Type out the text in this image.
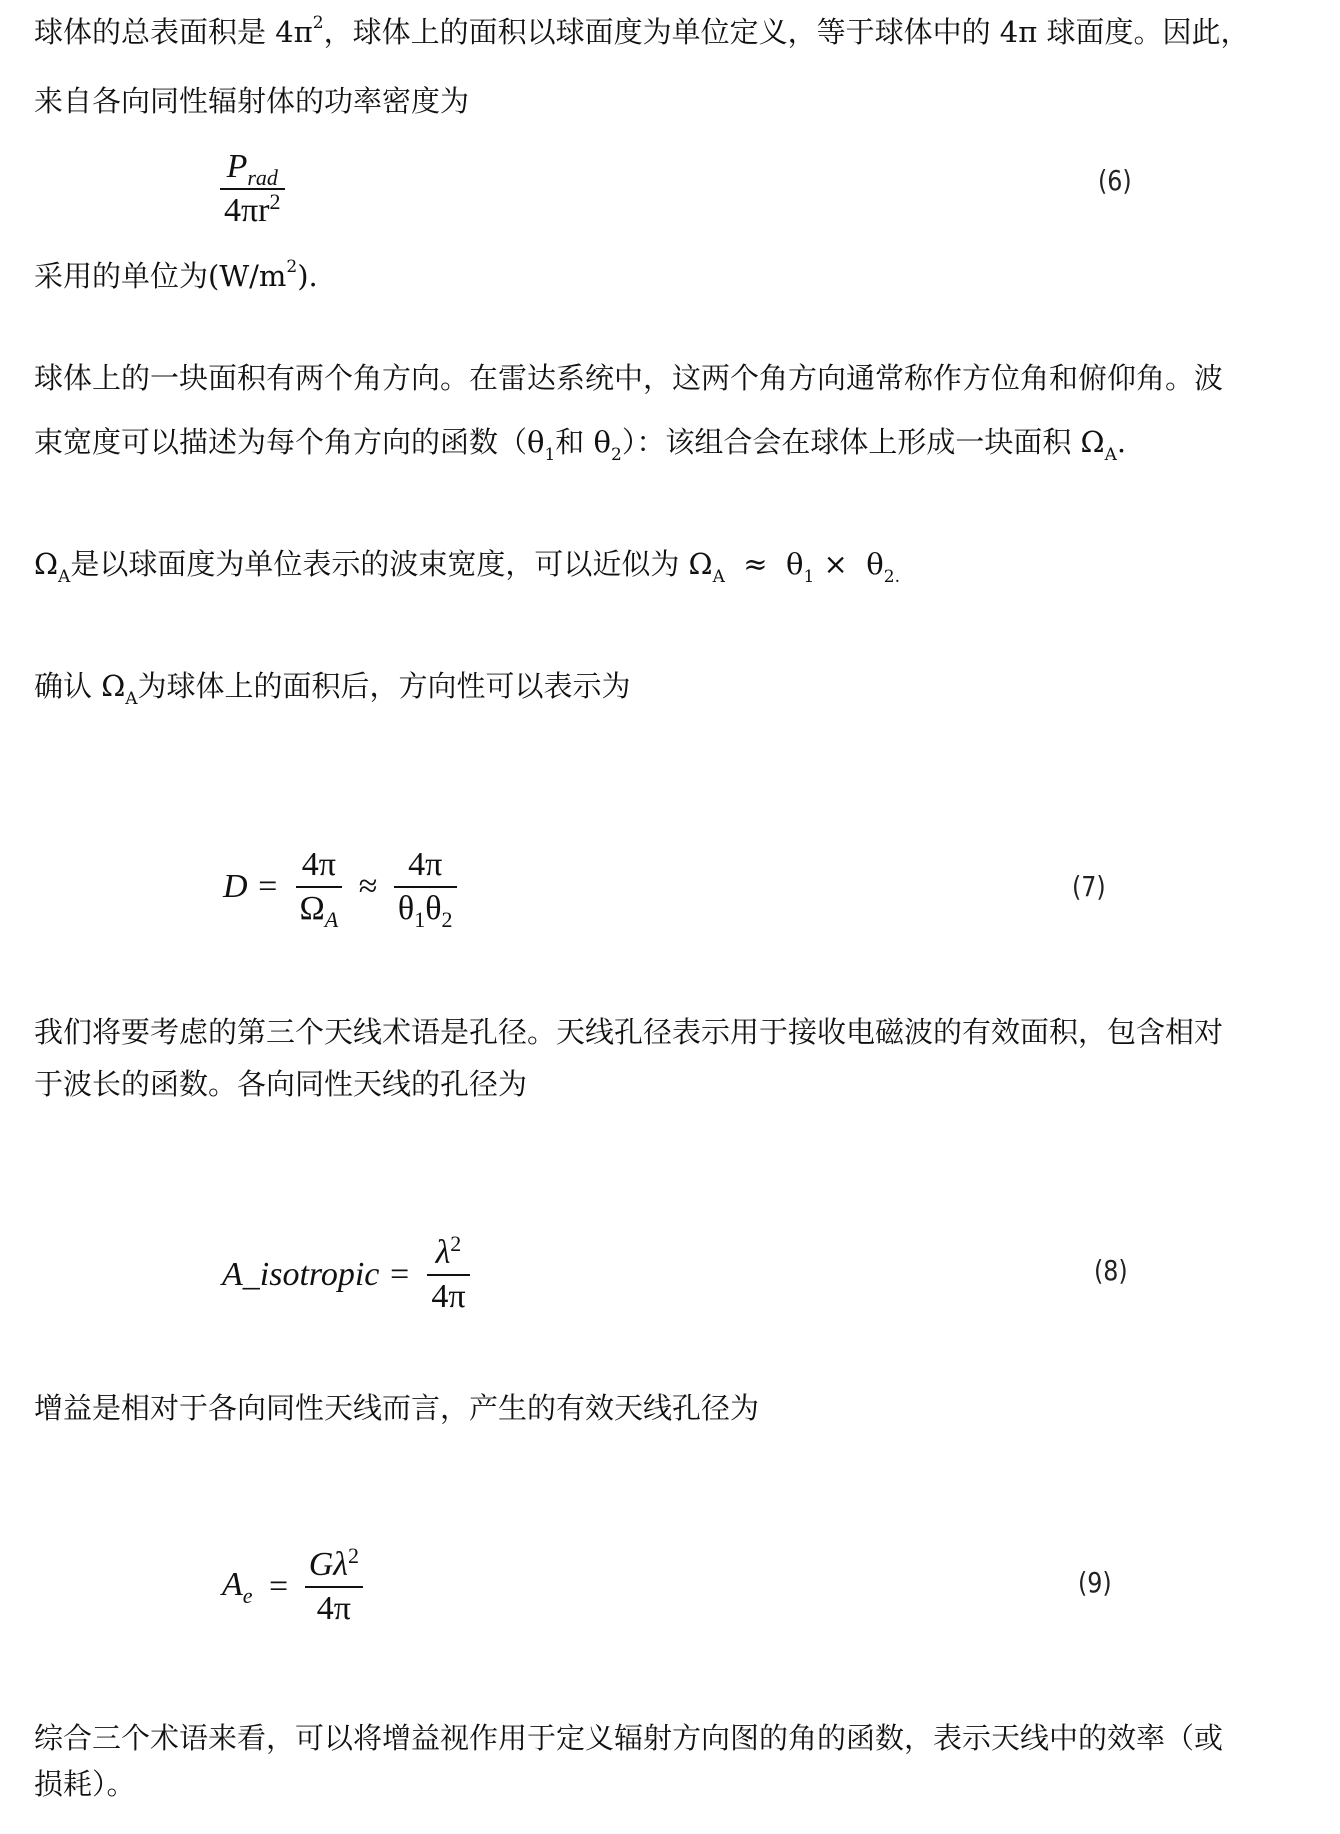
球体的总表面积是 $4\pi^2$，球体上的面积以球面度为单位定义，等于球体中的 4π 球面度。因此，
来自各向同性辐射体的功率密度为
$\frac{P_{rad}}{4\pi r^2}$	(6)
采用的单位为$(W/m^2)$.
球体上的一块面积有两个角方向。在雷达系统中，这两个角方向通常称作方位角和俯仰角。波
束宽度可以描述为每个角方向的函数（$\theta_1$和 $\theta_2$）：该组合会在球体上形成一块面积 $\Omega_A$.
$\Omega_A$是以球面度为单位表示的波束宽度，可以近似为 $\Omega_A \approx \theta_1 \times \theta_{2.}$
确认 $\Omega_A$为球体上的面积后，方向性可以表示为
$D = \frac{4\pi}{\Omega_A} \approx \frac{4\pi}{\theta_1\theta_2}$	(7)
我们将要考虑的第三个天线术语是孔径。天线孔径表示用于接收电磁波的有效面积，包含相对
于波长的函数。各向同性天线的孔径为
A_isotropic = $\frac{\lambda^2}{4\pi}$	(8)
增益是相对于各向同性天线而言，产生的有效天线孔径为
$A_e = \frac{G\lambda^2}{4\pi}$	(9)
综合三个术语来看，可以将增益视作用于定义辐射方向图的角的函数，表示天线中的效率（或
损耗）。
